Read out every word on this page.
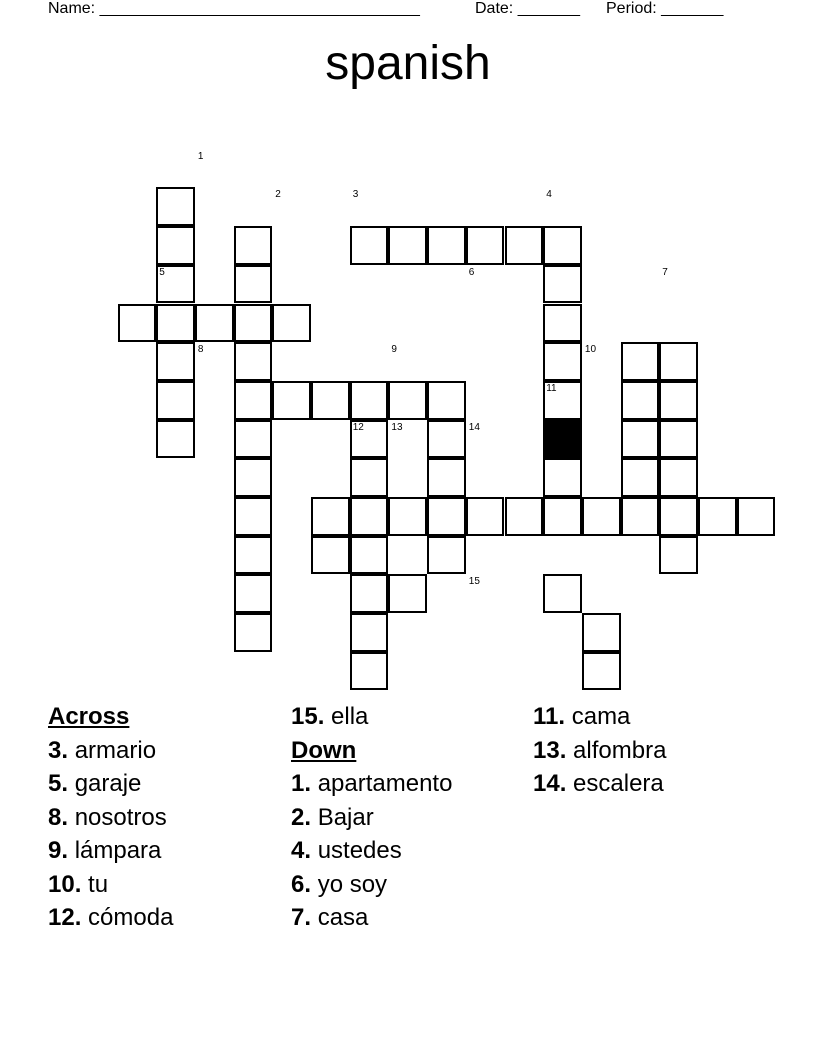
Name: ____________________________________

	Date: _______

Period: _______

spanish
1
2	3	4
5	6	7
8	9	10
11
12	13	14
15
Across
3. armario
5. garaje
8. nosotros
9. lámpara
10. tu
12. cómoda
15. ella
Down
1. apartamento
2. Bajar
4. ustedes
6. yo soy
7. casa
11. cama
13. alfombra
14. escalera
